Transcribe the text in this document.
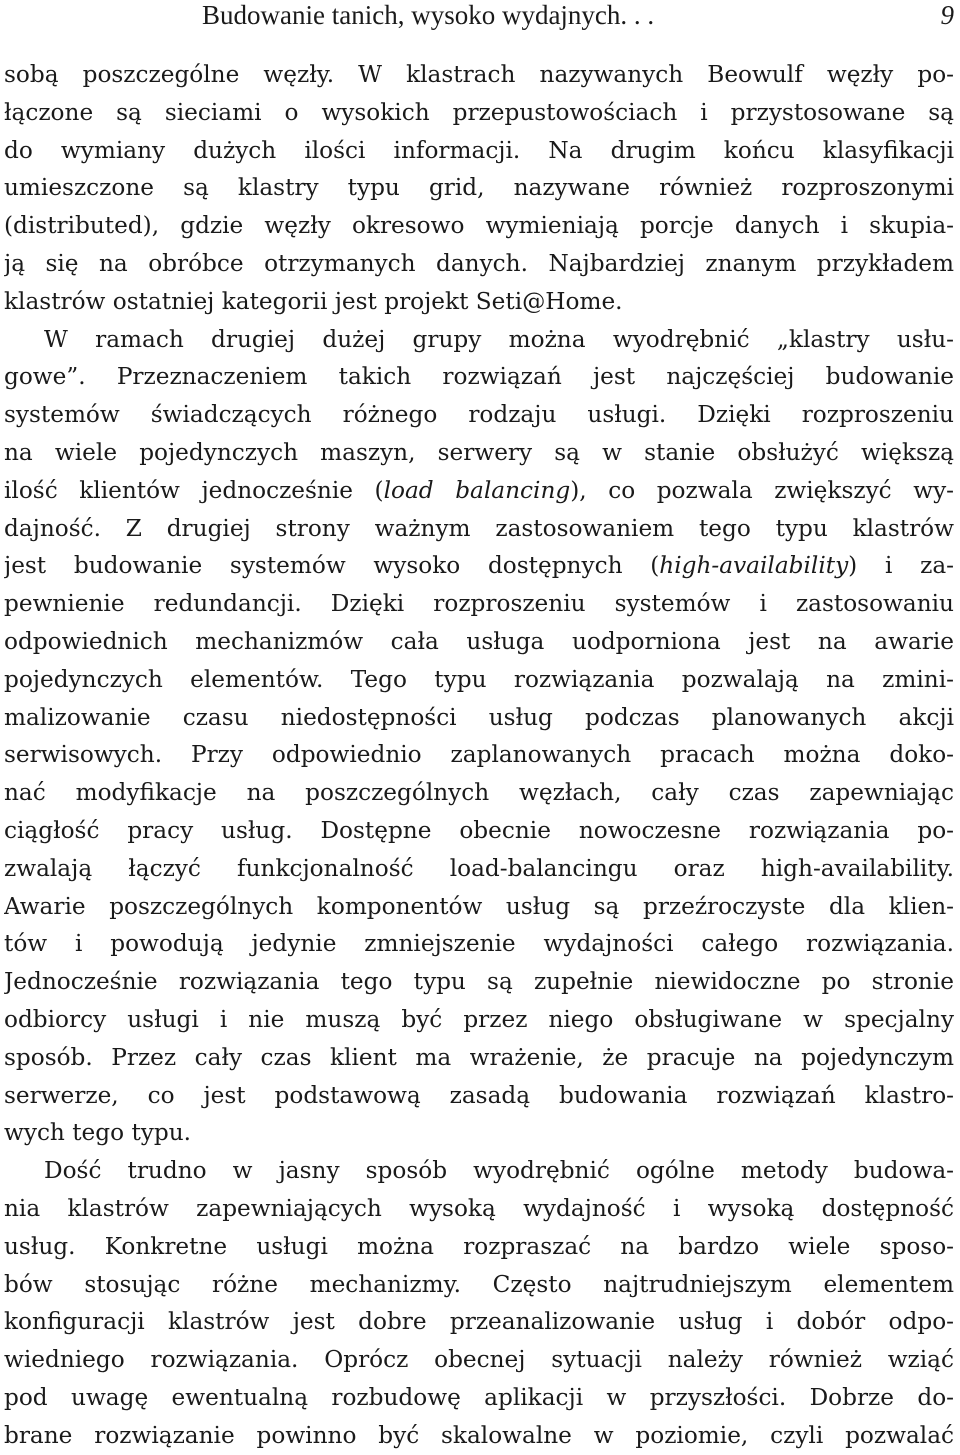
Budowanie tanich, wysoko wydajnych. . .	9
sobą poszczególne węzły. W klastrach nazywanych Beowulf węzły po-
łączone są sieciami o wysokich przepustowościach i przystosowane są
do wymiany dużych ilości informacji. Na drugim końcu klasyfikacji
umieszczone są klastry typu grid, nazywane również rozproszonymi
(distributed), gdzie węzły okresowo wymieniają porcje danych i skupia-
ją się na obróbce otrzymanych danych. Najbardziej znanym przykładem
klastrów ostatniej kategorii jest projekt Seti@Home.
W ramach drugiej dużej grupy można wyodrębnić „klastry usłu-
gowe”. Przeznaczeniem takich rozwiązań jest najczęściej budowanie
systemów świadczących różnego rodzaju usługi. Dzięki rozproszeniu
na wiele pojedynczych maszyn, serwery są w stanie obsłużyć większą
ilość klientów jednocześnie (load balancing), co pozwala zwiększyć wy-
dajność. Z drugiej strony ważnym zastosowaniem tego typu klastrów
jest budowanie systemów wysoko dostępnych (high-availability) i za-
pewnienie redundancji. Dzięki rozproszeniu systemów i zastosowaniu
odpowiednich mechanizmów cała usługa uodporniona jest na awarie
pojedynczych elementów. Tego typu rozwiązania pozwalają na zmini-
malizowanie czasu niedostępności usług podczas planowanych akcji
serwisowych. Przy odpowiednio zaplanowanych pracach można doko-
nać modyfikacje na poszczególnych węzłach, cały czas zapewniając
ciągłość pracy usług. Dostępne obecnie nowoczesne rozwiązania po-
zwalają łączyć funkcjonalność load-balancingu oraz high-availability.
Awarie poszczególnych komponentów usług są przeźroczyste dla klien-
tów i powodują jedynie zmniejszenie wydajności całego rozwiązania.
Jednocześnie rozwiązania tego typu są zupełnie niewidoczne po stronie
odbiorcy usługi i nie muszą być przez niego obsługiwane w specjalny
sposób. Przez cały czas klient ma wrażenie, że pracuje na pojedynczym
serwerze, co jest podstawową zasadą budowania rozwiązań klastro-
wych tego typu.
Dość trudno w jasny sposób wyodrębnić ogólne metody budowa-
nia klastrów zapewniających wysoką wydajność i wysoką dostępność
usług. Konkretne usługi można rozpraszać na bardzo wiele sposo-
bów stosując różne mechanizmy. Często najtrudniejszym elementem
konfiguracji klastrów jest dobre przeanalizowanie usług i dobór odpo-
wiedniego rozwiązania. Oprócz obecnej sytuacji należy również wziąć
pod uwagę ewentualną rozbudowę aplikacji w przyszłości. Dobrze do-
brane rozwiązanie powinno być skalowalne w poziomie, czyli pozwalać
